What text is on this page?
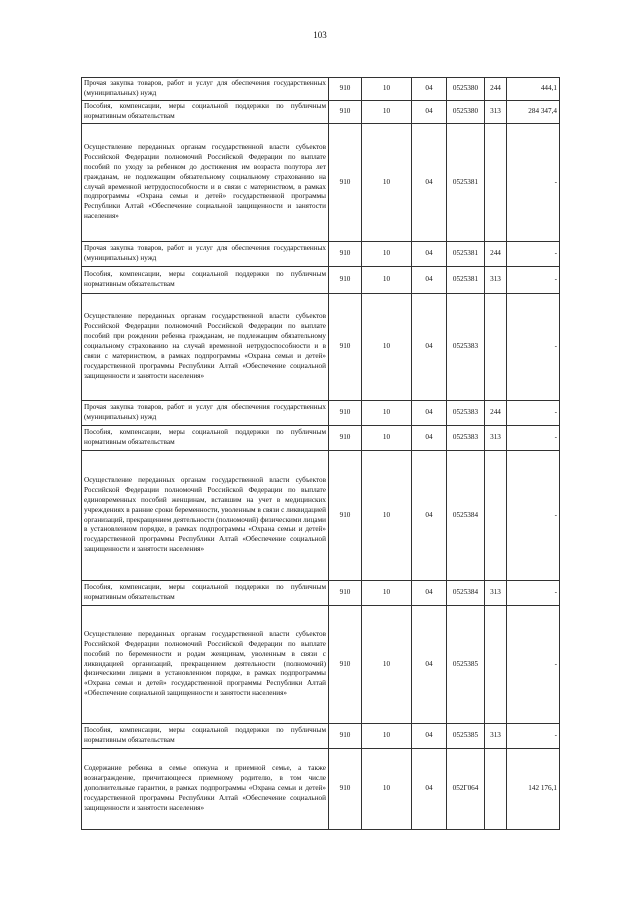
103
Прочая закупка товаров, работ и услуг для обеспечения государственных (муниципальных) нужд	910	10	04	0525380	244	444,1
Пособия, компенсации, меры социальной поддержки по публичным нормативным обязательствам	910	10	04	0525380	313	284 347,4
Осуществление переданных органам государственной власти субъектов Российской Федерации полномочий Российской Федерации по выплате пособий по уходу за ребенком до достижения им возраста полутора лет гражданам, не подлежащим обязательному социальному страхованию на случай временной нетрудоспособности и в связи с материнством, в рамках подпрограммы «Охрана семьи и детей» государственной программы Республики Алтай «Обеспечение социальной защищенности и занятости населения»	910	10	04	0525381		-
Прочая закупка товаров, работ и услуг для обеспечения государственных (муниципальных) нужд	910	10	04	0525381	244	-
Пособия, компенсации, меры социальной поддержки по публичным нормативным обязательствам	910	10	04	0525381	313	-
Осуществление переданных органам государственной власти субъектов Российской Федерации полномочий Российской Федерации по выплате пособий при рождении ребенка гражданам, не подлежащим обязательному социальному страхованию на случай временной нетрудоспособности и в связи с материнством, в рамках подпрограммы «Охрана семьи и детей» государственной программы Республики Алтай «Обеспечение социальной защищенности и занятости населения»	910	10	04	0525383		-
Прочая закупка товаров, работ и услуг для обеспечения государственных (муниципальных) нужд	910	10	04	0525383	244	-
Пособия, компенсации, меры социальной поддержки по публичным нормативным обязательствам	910	10	04	0525383	313	-
Осуществление переданных органам государственной власти субъектов Российской Федерации полномочий Российской Федерации по выплате единовременных пособий женщинам, вставшим на учет в медицинских учреждениях в ранние сроки беременности, уволенным в связи с ликвидацией организаций, прекращением деятельности (полномочий) физическими лицами в установленном порядке, в рамках подпрограммы «Охрана семьи и детей» государственной программы Республики Алтай «Обеспечение социальной защищенности и занятости населения»	910	10	04	0525384		-
Пособия, компенсации, меры социальной поддержки по публичным нормативным обязательствам	910	10	04	0525384	313	-
Осуществление переданных органам государственной власти субъектов Российской Федерации полномочий Российской Федерации по выплате пособий по беременности и родам женщинам, уволенным в связи с ликвидацией организаций, прекращением деятельности (полномочий) физическими лицами в установленном порядке, в рамках подпрограммы «Охрана семьи и детей» государственной программы Республики Алтай «Обеспечение социальной защищенности и занятости населения»	910	10	04	0525385		-
Пособия, компенсации, меры социальной поддержки по публичным нормативным обязательствам	910	10	04	0525385	313	-
Содержание ребенка в семье опекуна и приемной семье, а также вознаграждение, причитающееся приемному родителю, в том числе дополнительные гарантии, в рамках подпрограммы «Охрана семьи и детей» государственной программы Республики Алтай «Обеспечение социальной защищенности и занятости населения»	910	10	04	052Г064		142 176,1
